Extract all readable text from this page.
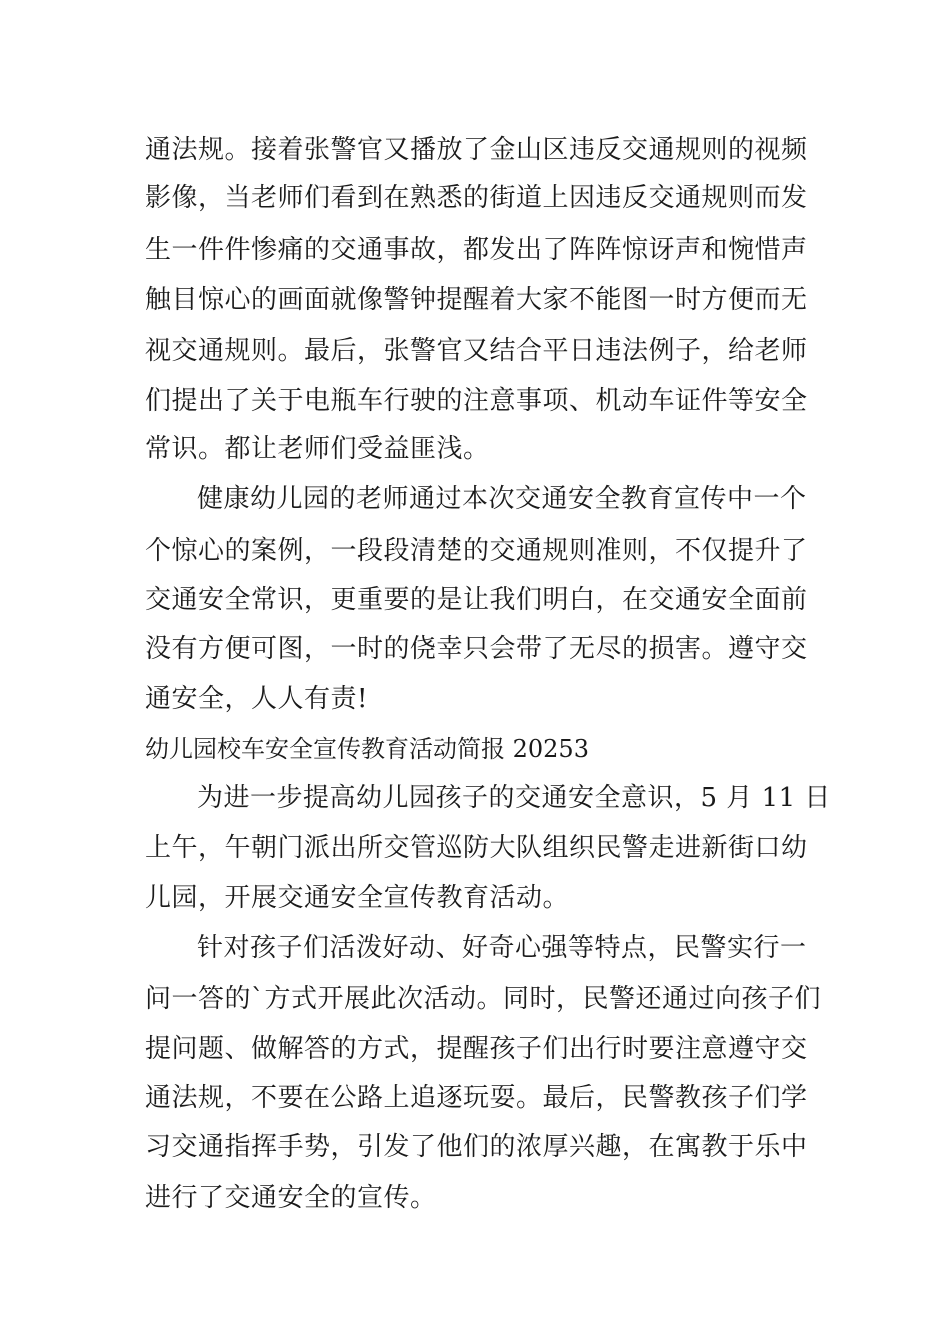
通法规。接着张警官又播放了金山区违反交通规则的视频
影像，当老师们看到在熟悉的街道上因违反交通规则而发
生一件件惨痛的交通事故，都发出了阵阵惊讶声和惋惜声
触目惊心的画面就像警钟提醒着大家不能图一时方便而无
视交通规则。最后，张警官又结合平日违法例子，给老师
们提出了关于电瓶车行驶的注意事项、机动车证件等安全
常识。都让老师们受益匪浅。
健康幼儿园的老师通过本次交通安全教育宣传中一个
个惊心的案例，一段段清楚的交通规则准则，不仅提升了
交通安全常识，更重要的是让我们明白，在交通安全面前
没有方便可图，一时的侥幸只会带了无尽的损害。遵守交
通安全，人人有责!
幼儿园校车安全宣传教育活动简报 20253
为进一步提高幼儿园孩子的交通安全意识，5 月 11 日
上午，午朝门派出所交管巡防大队组织民警走进新街口幼
儿园，开展交通安全宣传教育活动。
针对孩子们活泼好动、好奇心强等特点，民警实行一
问一答的`方式开展此次活动。同时，民警还通过向孩子们
提问题、做解答的方式，提醒孩子们出行时要注意遵守交
通法规，不要在公路上追逐玩耍。最后，民警教孩子们学
习交通指挥手势，引发了他们的浓厚兴趣，在寓教于乐中
进行了交通安全的宣传。
